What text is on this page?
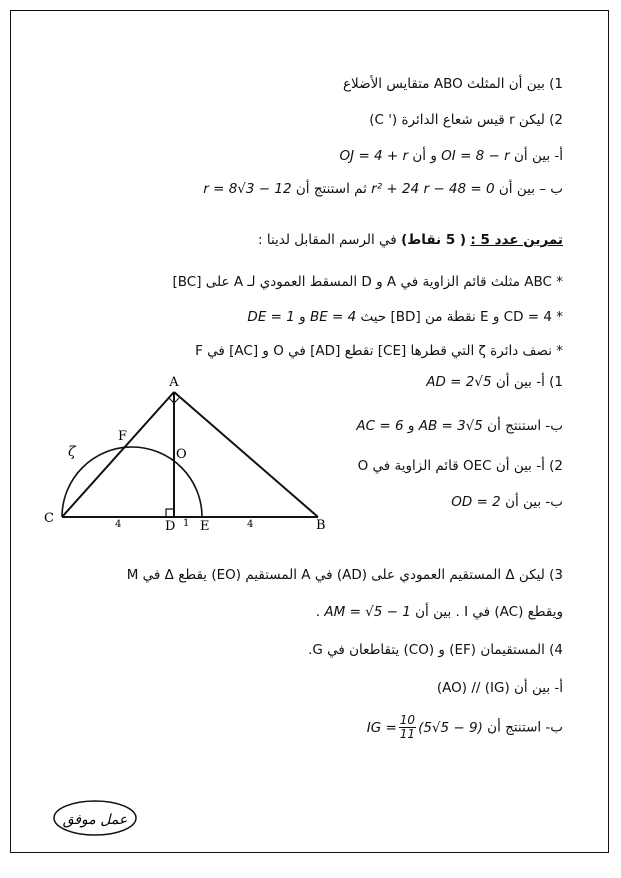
1) بين أن المثلث ABO متقايس الأضلاع
2) ليكن r قيس شعاع الدائرة (' C)
أ- بين أن OI = 8 − r و أن OJ = 4 + r
ب – بين أن r² + 24 r − 48 = 0 ثم استنتج أن r = 8√3 − 12
تمرين عدد 5 : ( 5 نقاط) في الرسم المقابل لدينا :
* ABC مثلث قائم الزاوية في A و D المسقط العمودي لـ A على [BC]
* CD = 4 و E نقطة من [BD] حيث BE = 4 و DE = 1
* نصف دائرة ζ التي قطرها [CE] تقطع [AD] في O و [AC] في F
1) أ- بين أن AD = 2√5
ب- استنتج أن AB = 3√5 و AC = 6
2) أ- بين أن OEC قائم الزاوية في O
ب- بين أن OD = 2
3) ليكن Δ المستقيم العمودي على (AD) في A المستقيم (EO) يقطع Δ في M
ويقطع (AC) في I . بين أن AM = √5 − 1 .
4) المستقيمان (EF) و (CO) يتقاطعان في G.
أ- بين أن (IG) // (AO)
ب- استنتج أن IG = $\frac{10}{11} (5√5 - 9)$
A
B
C
D E
F
O
ζ
4	1	4
عمل موفق
